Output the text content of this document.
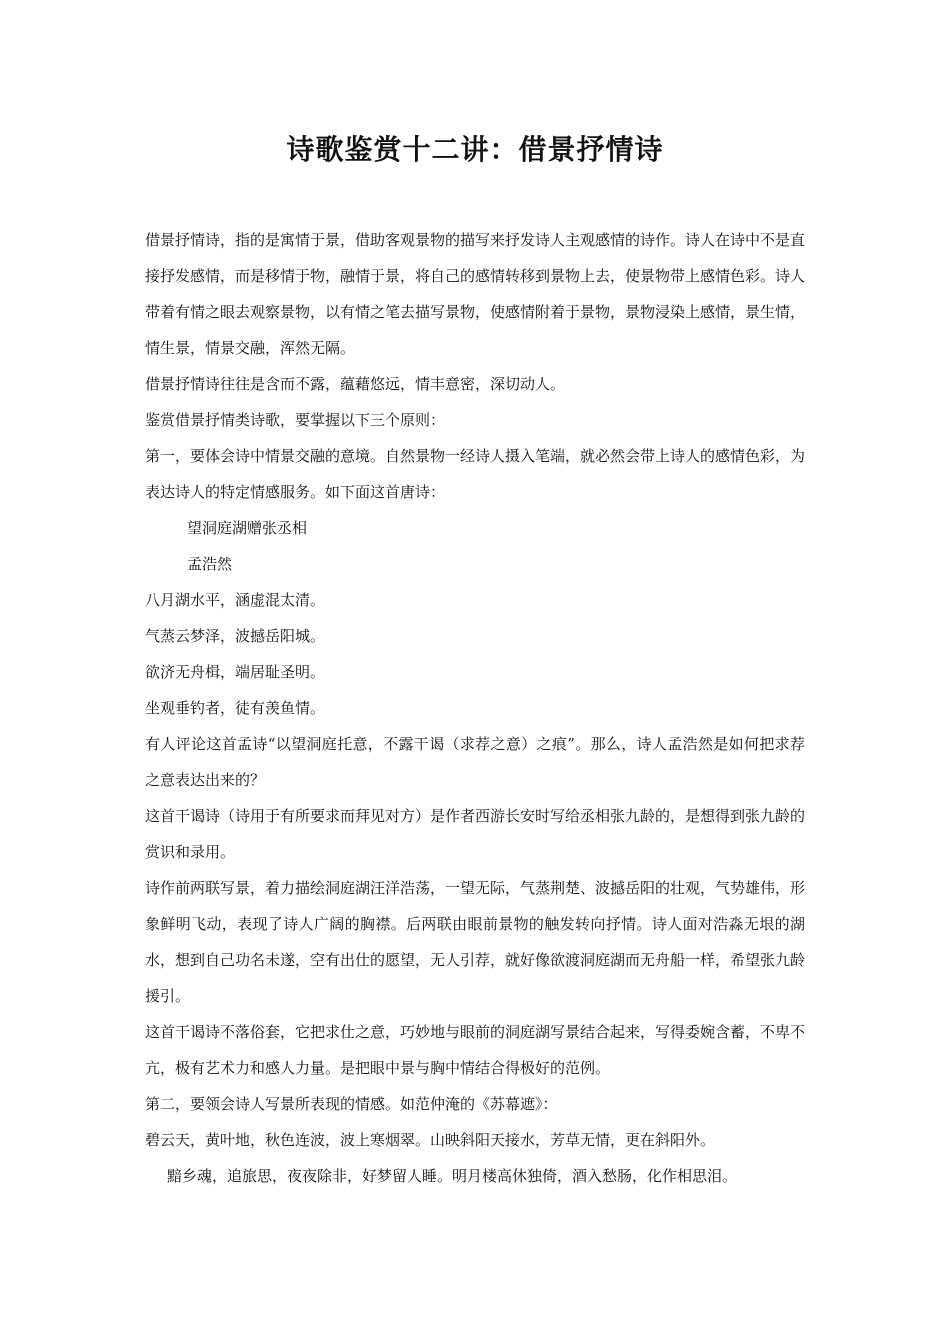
诗歌鉴赏十二讲：借景抒情诗

借景抒情诗，指的是寓情于景，借助客观景物的描写来抒发诗人主观感情的诗作。诗人在诗中不是直接抒发感情，而是移情于物，融情于景，将自己的感情转移到景物上去，使景物带上感情色彩。诗人带着有情之眼去观察景物，以有情之笔去描写景物，使感情附着于景物，景物浸染上感情，景生情，情生景，情景交融，浑然无隔。

借景抒情诗往往是含而不露，蕴藉悠远，情丰意密，深切动人。

鉴赏借景抒情类诗歌，要掌握以下三个原则：

第一，要体会诗中情景交融的意境。自然景物一经诗人摄入笔端，就必然会带上诗人的感情色彩，为表达诗人的特定情感服务。如下面这首唐诗：

望洞庭湖赠张丞相

孟浩然

八月湖水平，涵虚混太清。

气蒸云梦泽，波撼岳阳城。

欲济无舟楫，端居耻圣明。

坐观垂钓者，徒有羡鱼情。

有人评论这首孟诗“以望洞庭托意，不露干谒（求荐之意）之痕”。那么，诗人孟浩然是如何把求荐之意表达出来的？

这首干谒诗（诗用于有所要求而拜见对方）是作者西游长安时写给丞相张九龄的，是想得到张九龄的赏识和录用。

诗作前两联写景，着力描绘洞庭湖汪洋浩荡，一望无际，气蒸荆楚、波撼岳阳的壮观，气势雄伟，形象鲜明飞动，表现了诗人广阔的胸襟。后两联由眼前景物的触发转向抒情。诗人面对浩淼无垠的湖水，想到自己功名未遂，空有出仕的愿望，无人引荐，就好像欲渡洞庭湖而无舟船一样，希望张九龄援引。

这首干谒诗不落俗套，它把求仕之意，巧妙地与眼前的洞庭湖写景结合起来，写得委婉含蓄，不卑不亢，极有艺术力和感人力量。是把眼中景与胸中情结合得极好的范例。

第二，要领会诗人写景所表现的情感。如范仲淹的《苏幕遮》：

碧云天，黄叶地，秋色连波，波上寒烟翠。山映斜阳天接水，芳草无情，更在斜阳外。

黯乡魂，追旅思，夜夜除非，好梦留人睡。明月楼高休独倚，酒入愁肠，化作相思泪。
